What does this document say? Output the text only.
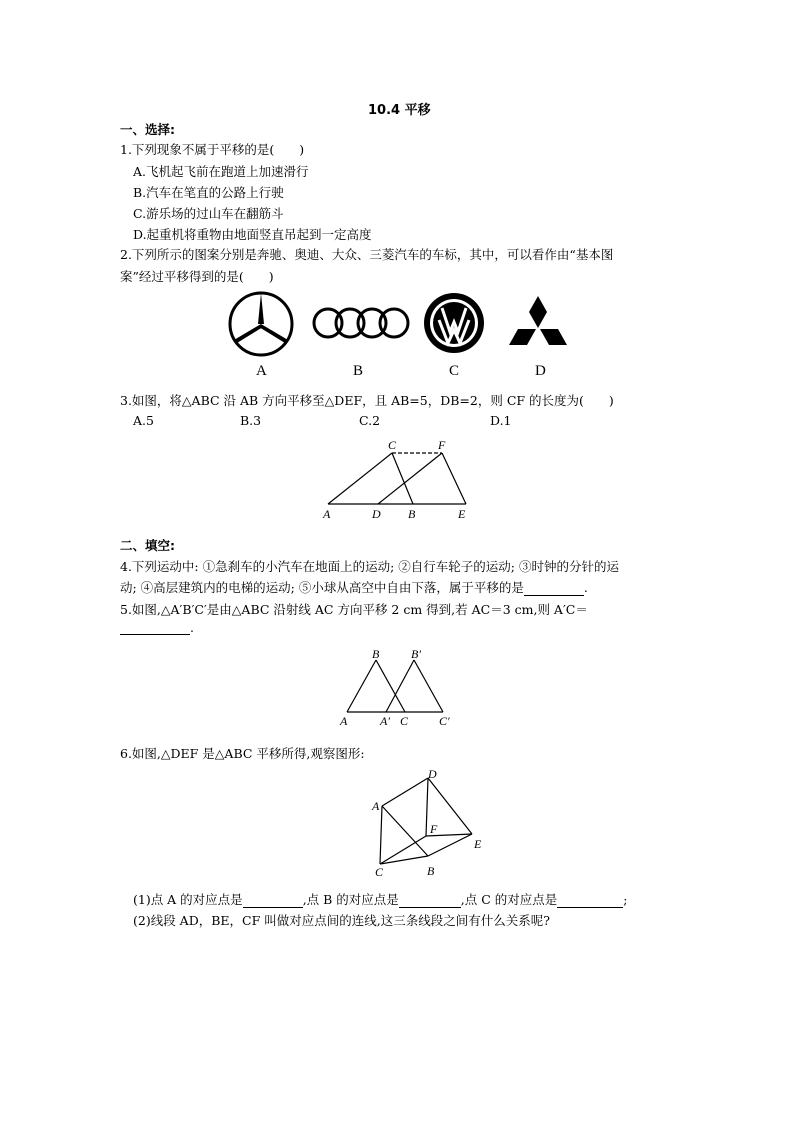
10.4 平移
一、选择:
1.下列现象不属于平移的是(　　)
A.飞机起飞前在跑道上加速滑行
B.汽车在笔直的公路上行驶
C.游乐场的过山车在翻筋斗
D.起重机将重物由地面竖直吊起到一定高度
2.下列所示的图案分别是奔驰、奥迪、大众、三菱汽车的车标，其中，可以看作由“基本图
案”经过平移得到的是(　　)
A	B	C	D
3.如图，将△ABC 沿 AB 方向平移至△DEF，且 AB=5，DB=2，则 CF 的长度为(　　)
A.5	B.3	C.2	D.1
C	F
A	D B	E
二、填空:
4.下列运动中: ①急刹车的小汽车在地面上的运动; ②自行车轮子的运动; ③时钟的分针的运
动; ④高层建筑内的电梯的运动; ⑤小球从高空中自由下落，属于平移的是	.
5.如图,△A′B′C′是由△ABC 沿射线 AC 方向平移 2 cm 得到,若 AC＝3 cm,则 A′C＝
.
B	B′
A	A′ C	C′
6.如图,△DEF 是△ABC 平移所得,观察图形:
D
A
F
E
C	B
(1)点 A 的对应点是	,点 B 的对应点是	,点 C 的对应点是	;
(2)线段 AD，BE，CF 叫做对应点间的连线,这三条线段之间有什么关系呢?
